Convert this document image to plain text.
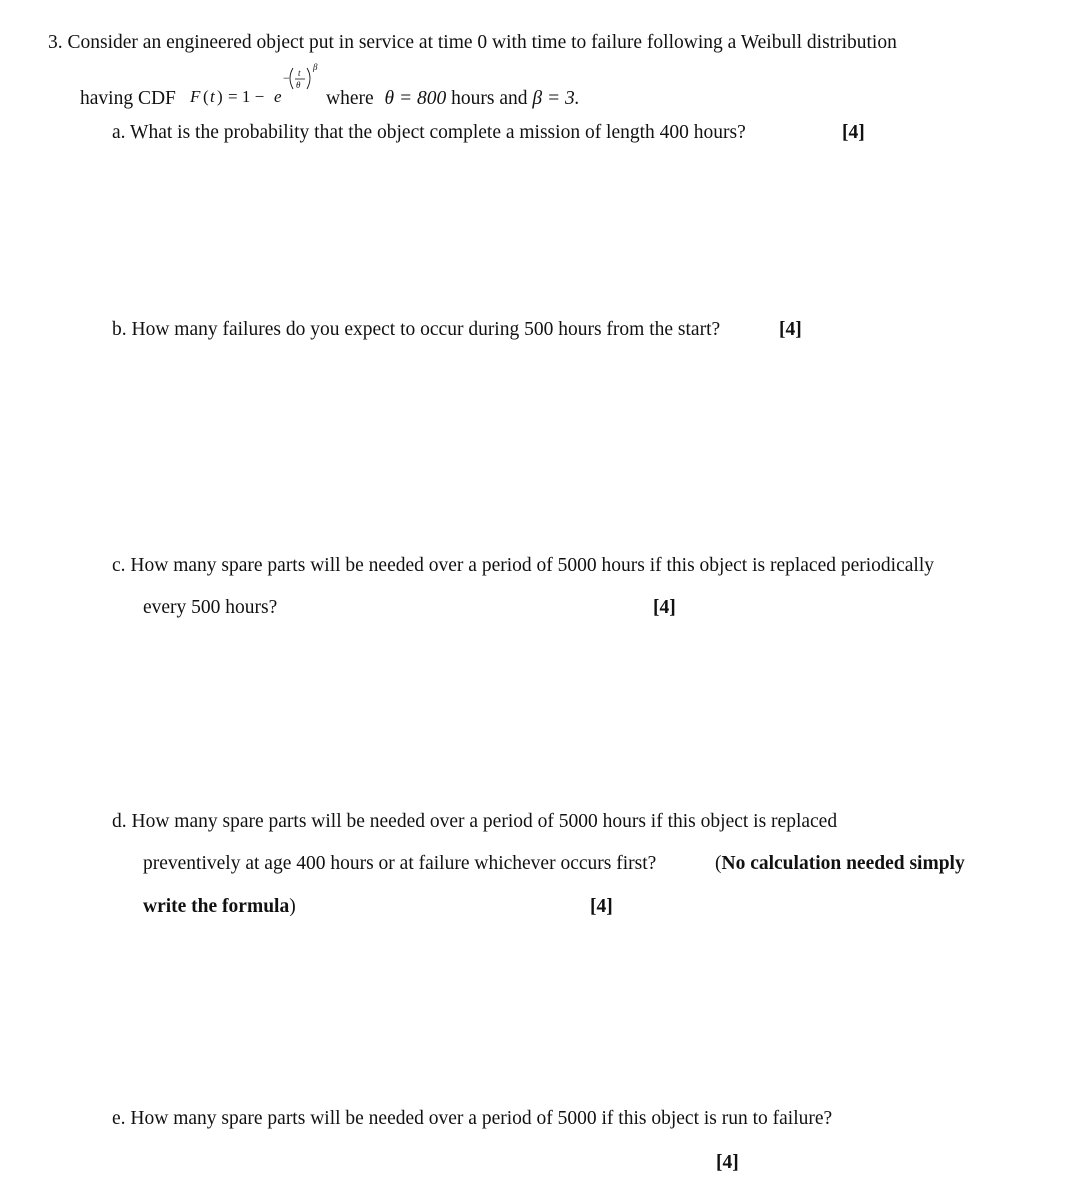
3. Consider an engineered object put in service at time 0 with time to failure following a Weibull distribution
having CDF F ( t ) = 1 − e
− t
θ
β
where θ = 800 hours and β = 3.
a. What is the probability that the object complete a mission of length 400 hours?	[4]
b. How many failures do you expect to occur during 500 hours from the start?	[4]
c. How many spare parts will be needed over a period of 5000 hours if this object is replaced periodically
every 500 hours?	[4]
d. How many spare parts will be needed over a period of 5000 hours if this object is replaced
preventively at age 400 hours or at failure whichever occurs first?	(No calculation needed simply
write the formula)	[4]
e. How many spare parts will be needed over a period of 5000 if this object is run to failure?
[4]
